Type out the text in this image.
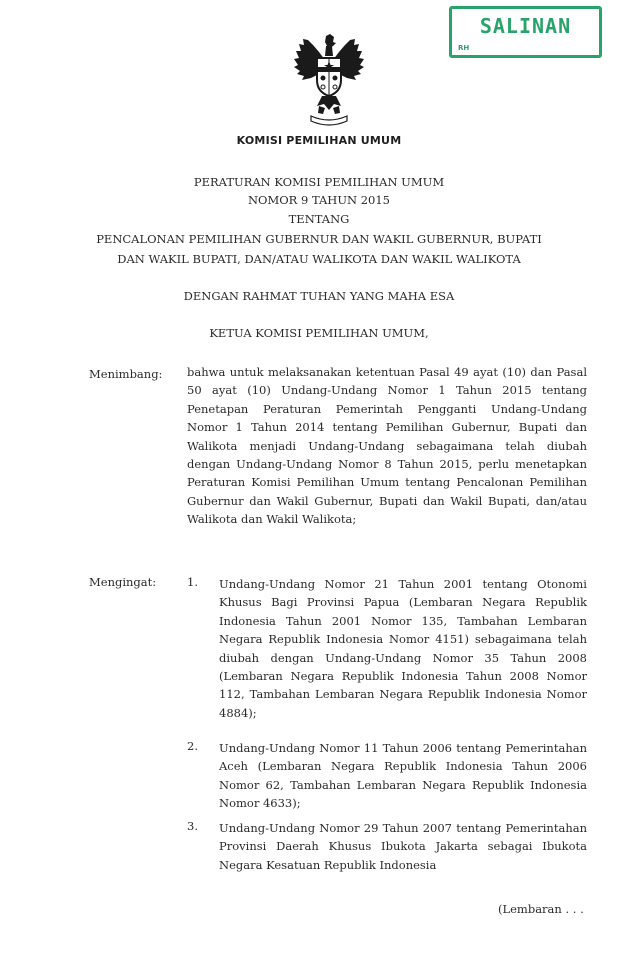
SALINAN
RH
KOMISI PEMILIHAN UMUM
PERATURAN KOMISI PEMILIHAN UMUM
NOMOR 9 TAHUN 2015
TENTANG
PENCALONAN PEMILIHAN GUBERNUR DAN WAKIL GUBERNUR, BUPATI
DAN WAKIL BUPATI, DAN/ATAU WALIKOTA DAN WAKIL WALIKOTA
DENGAN RAHMAT TUHAN YANG MAHA ESA
KETUA KOMISI PEMILIHAN UMUM,
Menimbang: bahwa untuk melaksanakan ketentuan Pasal 49 ayat (10) dan Pasal 50 ayat (10) Undang-Undang Nomor 1 Tahun 2015 tentang Penetapan Peraturan Pemerintah Pengganti Undang-Undang Nomor 1 Tahun 2014 tentang Pemilihan Gubernur, Bupati dan Walikota menjadi Undang-Undang sebagaimana telah diubah dengan Undang-Undang Nomor 8 Tahun 2015, perlu menetapkan Peraturan Komisi Pemilihan Umum tentang Pencalonan Pemilihan Gubernur dan Wakil Gubernur, Bupati dan Wakil Bupati, dan/atau Walikota dan Wakil Walikota;
Mengingat:	1. Undang-Undang Nomor 21 Tahun 2001 tentang Otonomi Khusus Bagi Provinsi Papua (Lembaran Negara Republik Indonesia Tahun 2001 Nomor 135, Tambahan Lembaran Negara Republik Indonesia Nomor 4151) sebagaimana telah diubah dengan Undang-Undang Nomor 35 Tahun 2008 (Lembaran Negara Republik Indonesia Tahun 2008 Nomor 112, Tambahan Lembaran Negara Republik Indonesia Nomor 4884);
2. Undang-Undang Nomor 11 Tahun 2006 tentang Pemerintahan Aceh (Lembaran Negara Republik Indonesia Tahun 2006 Nomor 62, Tambahan Lembaran Negara Republik Indonesia Nomor 4633);
3. Undang-Undang Nomor 29 Tahun 2007 tentang Pemerintahan Provinsi Daerah Khusus Ibukota Jakarta sebagai Ibukota Negara Kesatuan Republik Indonesia
(Lembaran . . .
